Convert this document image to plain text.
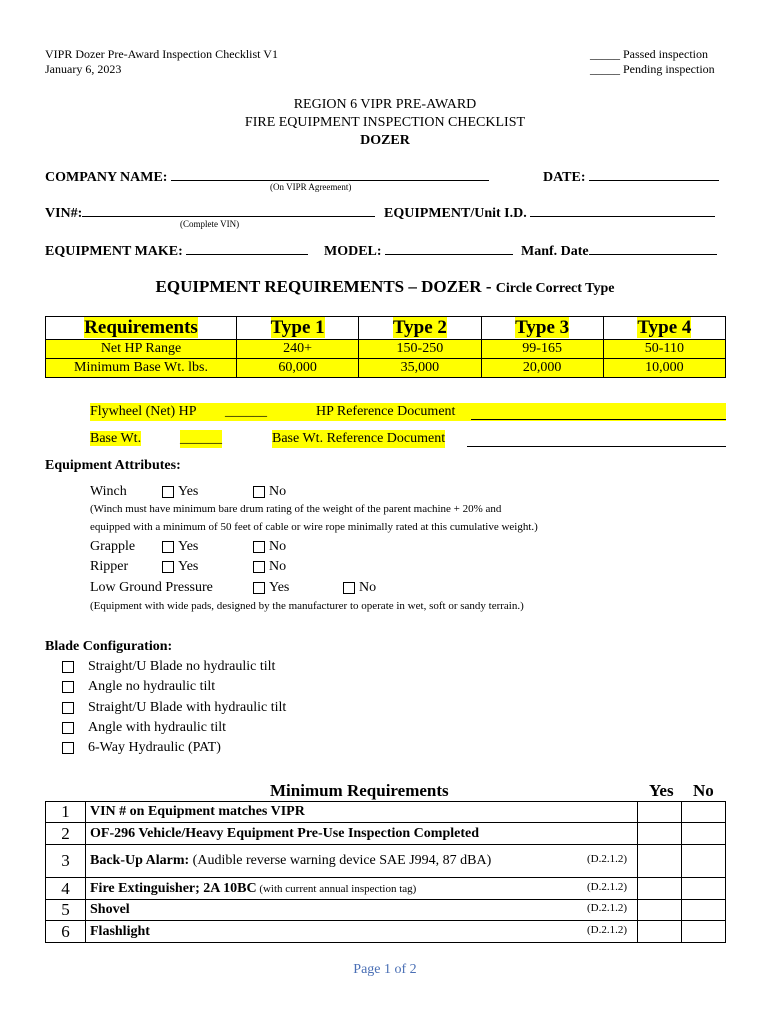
VIPR Dozer Pre-Award Inspection Checklist V1
January 6, 2023
_____ Passed inspection
_____ Pending inspection
REGION 6 VIPR PRE-AWARD
FIRE EQUIPMENT INSPECTION CHECKLIST
DOZER
COMPANY NAME:
(On VIPR Agreement)
DATE:
VIN#:
(Complete VIN)
EQUIPMENT/Unit I.D.
EQUIPMENT MAKE:	MODEL:	Manf. Date
EQUIPMENT REQUIREMENTS – DOZER - Circle Correct Type
Requirements	Type 1	Type 2	Type 3	Type 4
Net HP Range	240+	150-250	99-165	50-110
Minimum Base Wt. lbs.	60,000	35,000	20,000	10,000
Flywheel (Net) HP ______	HP Reference Document
Base Wt.	______	Base Wt. Reference Document
Equipment Attributes:
Winch	Yes	No
(Winch must have minimum bare drum rating of the weight of the parent machine + 20% and
equipped with a minimum of 50 feet of cable or wire rope minimally rated at this cumulative weight.)
Grapple	Yes	No
Ripper	Yes	No
Low Ground Pressure	Yes	No
(Equipment with wide pads, designed by the manufacturer to operate in wet, soft or sandy terrain.)
Blade Configuration:
Straight/U Blade no hydraulic tilt
Angle no hydraulic tilt
Straight/U Blade with hydraulic tilt
Angle with hydraulic tilt
6-Way Hydraulic (PAT)
Minimum Requirements	Yes No
1	VIN # on Equipment matches VIPR

2	OF-296 Vehicle/Heavy Equipment Pre-Use Inspection Completed

3	Back-Up Alarm: (Audible reverse warning device SAE J994, 87 dBA) (D.2.1.2)		

4	Fire Extinguisher; 2A 10BC (with current annual inspection tag) (D.2.1.2)		

5	Shovel (D.2.1.2)		

6	Flashlight (D.2.1.2)		

Page 1 of 2
